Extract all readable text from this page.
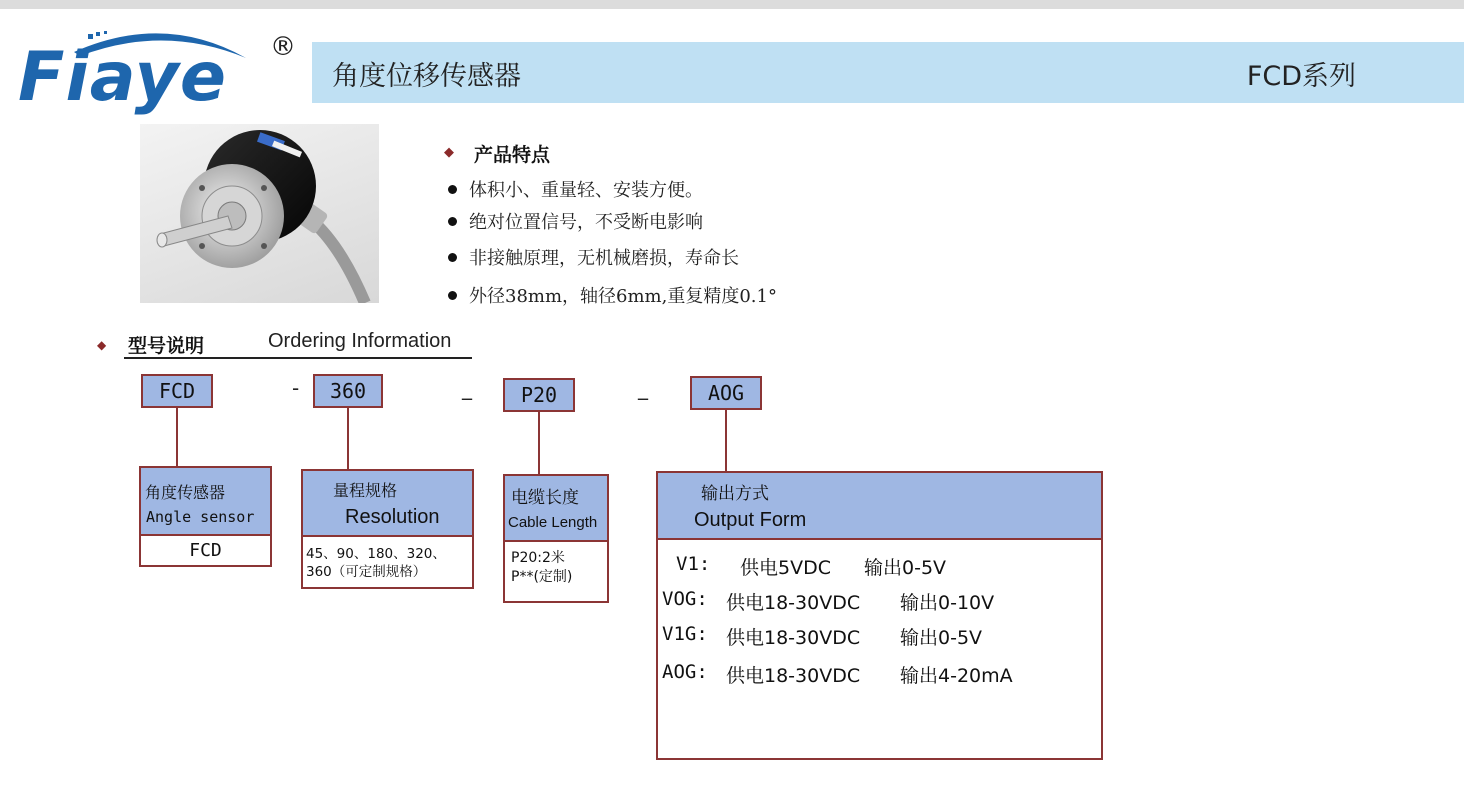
Fiaye ®
角度位移传感器	FCD系列
◆ 产品特点
体积小、重量轻、安装方便。
绝对位置信号，不受断电影响
非接触原理，无机械磨损，寿命长
外径38mm，轴径6mm,重复精度0.1°
◆ 型号说明	Ordering Information
FCD	-	360	_	P20	_	AOG
角度传感器
Angle sensor
FCD
量程规格
Resolution
45、90、180、320、
360（可定制规格）
电缆长度
Cable Length
P20:2米
P**(定制)
输出方式
Output Form
V1: 供电5VDC 输出0-5V
VOG: 供电18-30VDC 输出0-10V
V1G: 供电18-30VDC 输出0-5V
AOG: 供电18-30VDC 输出4-20mA
